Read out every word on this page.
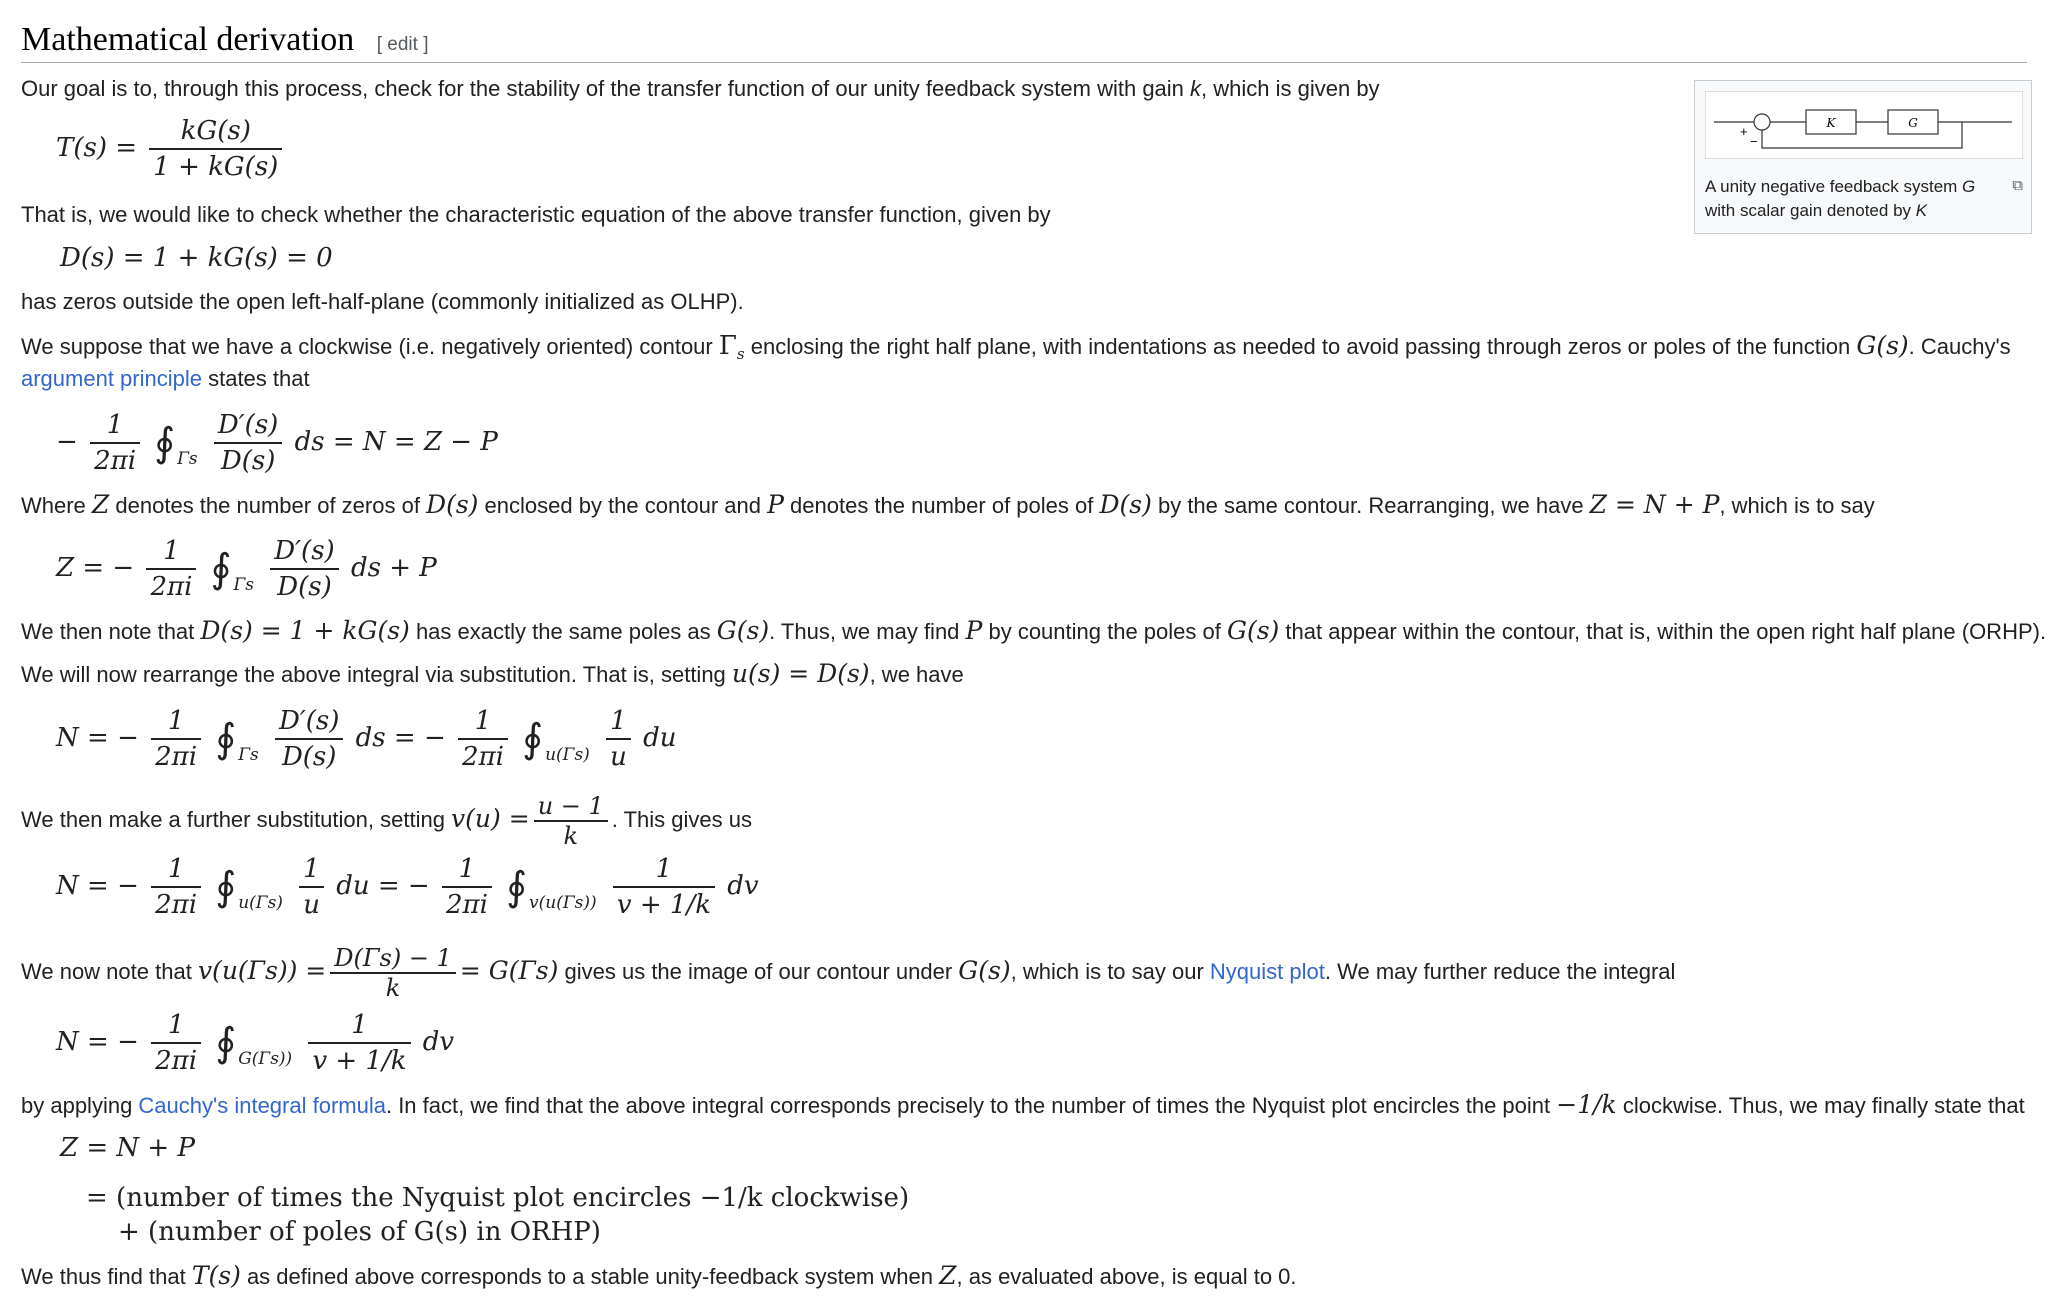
Mathematical derivation [ edit ]
K	G
+
−
A unity negative feedback system G with scalar gain denoted by K
⧉
Our goal is to, through this process, check for the stability of the transfer function of our unity feedback system with gain k, which is given by
$T(s) = \frac{kG(s)}{1 + kG(s)}$
That is, we would like to check whether the characteristic equation of the above transfer function, given by
D(s) = 1 + kG(s) = 0
has zeros outside the open left-half-plane (commonly initialized as OLHP).
We suppose that we have a clockwise (i.e. negatively oriented) contour $\Gamma_s$ enclosing the right half plane, with indentations as needed to avoid passing through zeros or poles of the function G(s). Cauchy's
argument principle states that
− $\frac{1}{2\pi i}$ ∮ $_{\Gamma s} \frac{D'(s)}{D(s)}$ ds = N = Z − P
Where Z denotes the number of zeros of D(s) enclosed by the contour and P denotes the number of poles of D(s) by the same contour. Rearranging, we have Z = N + P, which is to say
Z = − $\frac{1}{2\pi i}$ ∮ $_{\Gamma s} \frac{D'(s)}{D(s)}$ ds + P
We then note that D(s) = 1 + kG(s) has exactly the same poles as G(s). Thus, we may find P by counting the poles of G(s) that appear within the contour, that is, within the open right half plane (ORHP).
We will now rearrange the above integral via substitution. That is, setting u(s) = D(s), we have
N = − $\frac{1}{2\pi i}$ ∮ $_{\Gamma s} \frac{D'(s)}{D(s)}$ ds = − $\frac{1}{2\pi i}$ ∮ $_{u(\Gamma s)} \frac{1}{u}$ du
We then make a further substitution, setting $v(u) = \frac{u - 1}{k}$ . This gives us
N = − $\frac{1}{2\pi i}$ ∮ $_{u(\Gamma s)} \frac{1}{u}$ du = − $\frac{1}{2\pi i}$ ∮ $_{v(u(\Gamma s))} \frac{1}{v + 1/k}$ dv
We now note that $v(u(\Gamma s)) = \frac{D(\Gamma s) - 1}{k} = G(\Gamma s)$ gives us the image of our contour under G(s), which is to say our Nyquist plot. We may further reduce the integral
N = − $\frac{1}{2\pi i}$ ∮ $_{G(\Gamma s))} \frac{1}{v + 1/k}$ dv
by applying Cauchy's integral formula. In fact, we find that the above integral corresponds precisely to the number of times the Nyquist plot encircles the point −1/k clockwise. Thus, we may finally state that
Z = N + P
= (number of times the Nyquist plot encircles −1/k clockwise)
+ (number of poles of G(s) in ORHP)
We thus find that T(s) as defined above corresponds to a stable unity-feedback system when Z, as evaluated above, is equal to 0.
